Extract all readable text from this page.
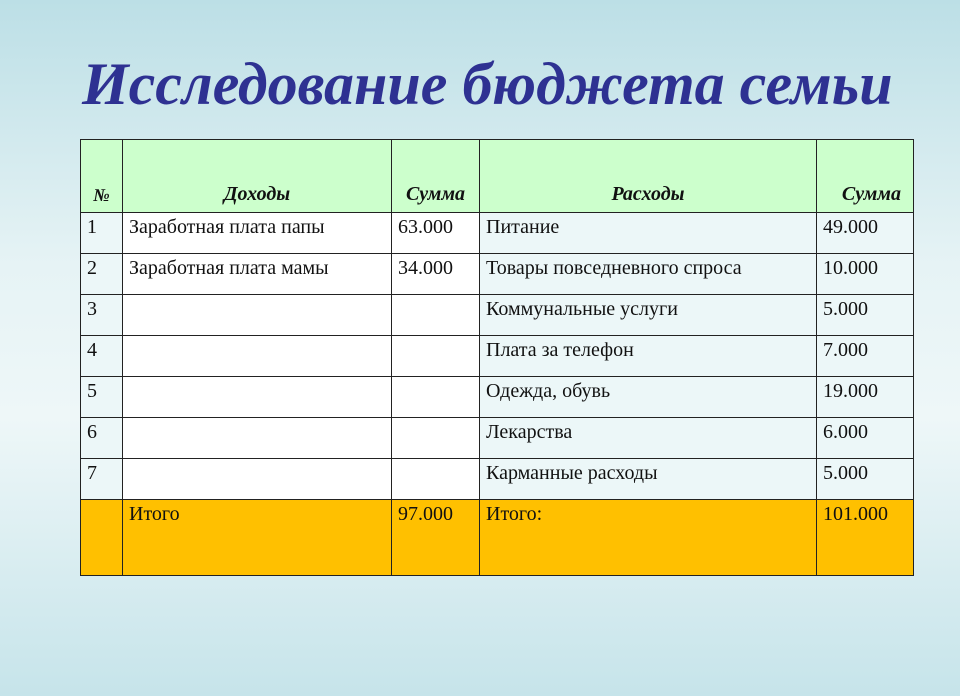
Исследование бюджета семьи
№	Доходы	Сумма	Расходы	Сумма
1	Заработная плата папы	63.000	Питание	49.000
2	Заработная плата мамы	34.000	Товары повседневного спроса	10.000
3			Коммунальные услуги	5.000
4			Плата за телефон	7.000
5			Одежда, обувь	19.000
6			Лекарства	6.000
7			Карманные расходы	5.000
	Итого	97.000	Итого:	101.000
